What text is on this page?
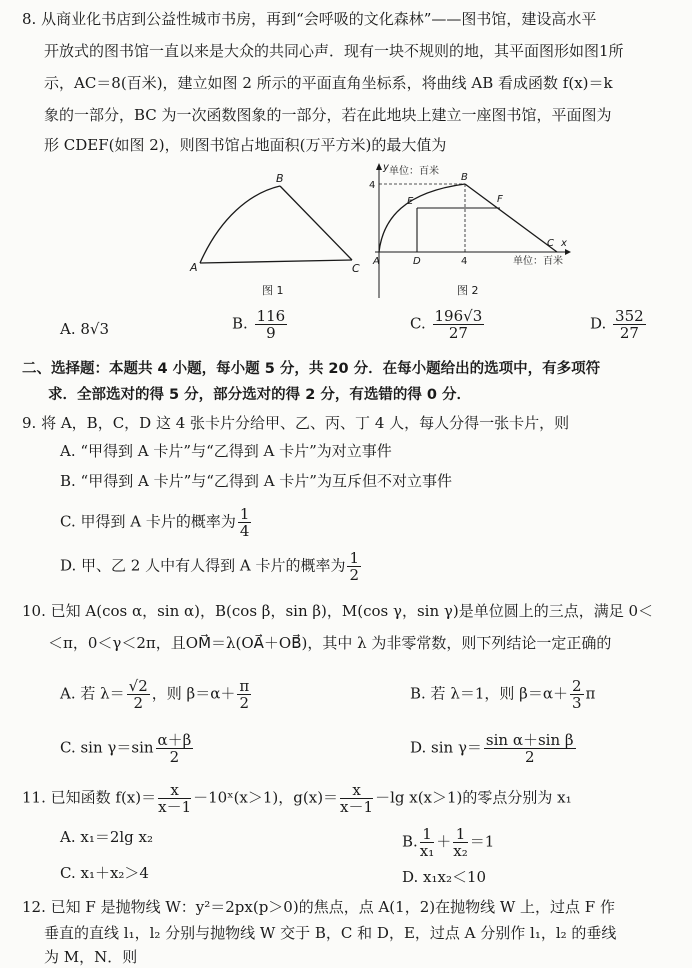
8. 从商业化书店到公益性城市书房，再到“会呼吸的文化森林”——图书馆，建设高水平
开放式的图书馆一直以来是大众的共同心声．现有一块不规则的地，其平面图形如图1所
示，AC＝8(百米)，建立如图 2 所示的平面直角坐标系，将曲线 AB 看成函数 f(x)＝k
象的一部分，BC 为一次函数图象的一部分，若在此地块上建立一座图书馆，平面图为
形 CDEF(如图 2)，则图书馆占地面积(万平方米)的最大值为
A
B
C
图 1
y
x
单位：百米
单位：百米
4
4
A
B
C
D
E	F
图 2
A. 8√3	B. $\frac{116}{9}$	C. $\frac{196√3}{27}$	D. $\frac{352}{27}$
二、选择题：本题共 4 小题，每小题 5 分，共 20 分．在每小题给出的选项中，有多项符
求．全部选对的得 5 分，部分选对的得 2 分，有选错的得 0 分．
9. 将 A，B，C，D 这 4 张卡片分给甲、乙、丙、丁 4 人，每人分得一张卡片，则
A. “甲得到 A 卡片”与“乙得到 A 卡片”为对立事件
B. “甲得到 A 卡片”与“乙得到 A 卡片”为互斥但不对立事件
C. 甲得到 A 卡片的概率为 $\frac{1}{4}$
D. 甲、乙 2 人中有人得到 A 卡片的概率为 $\frac{1}{2}$
10. 已知 A(cos α，sin α)，B(cos β，sin β)，M(cos γ，sin γ)是单位圆上的三点，满足 0＜
＜π，0＜γ＜2π，且OM⃗＝λ(OA⃗＋OB⃗)，其中 λ 为非零常数，则下列结论一定正确的
A. 若 $\lambda= \frac{√2}{2}$ ，则 $\beta=\alpha+ \frac{\pi}{2}$	B. 若 λ＝1，则 $\beta=\alpha+ \frac{2}{3}$ π
C. $\sin \gamma=\sin \frac{\alpha+\beta}{2}$	D. $\sin \gamma= \frac{\text{sin α＋sin β}}{2}$
11. 已知函数 $f(x)= \frac{x}{x-1}$ －10ˣ(x＞1)，$g(x)= \frac{x}{x-1} -\lg$ x(x＞1)的零点分别为 x₁
A. x₁＝2lg x₂	B. $\frac{1}{\text{x₁}} + \frac{1}{\text{x₂}} =1$
C. x₁＋x₂＞4	D. x₁x₂＜10
12. 已知 F 是抛物线 W：y²＝2px(p＞0)的焦点，点 A(1，2)在抛物线 W 上，过点 F 作
垂直的直线 l₁，l₂ 分别与抛物线 W 交于 B，C 和 D，E，过点 A 分别作 l₁，l₂ 的垂线
为 M，N．则
